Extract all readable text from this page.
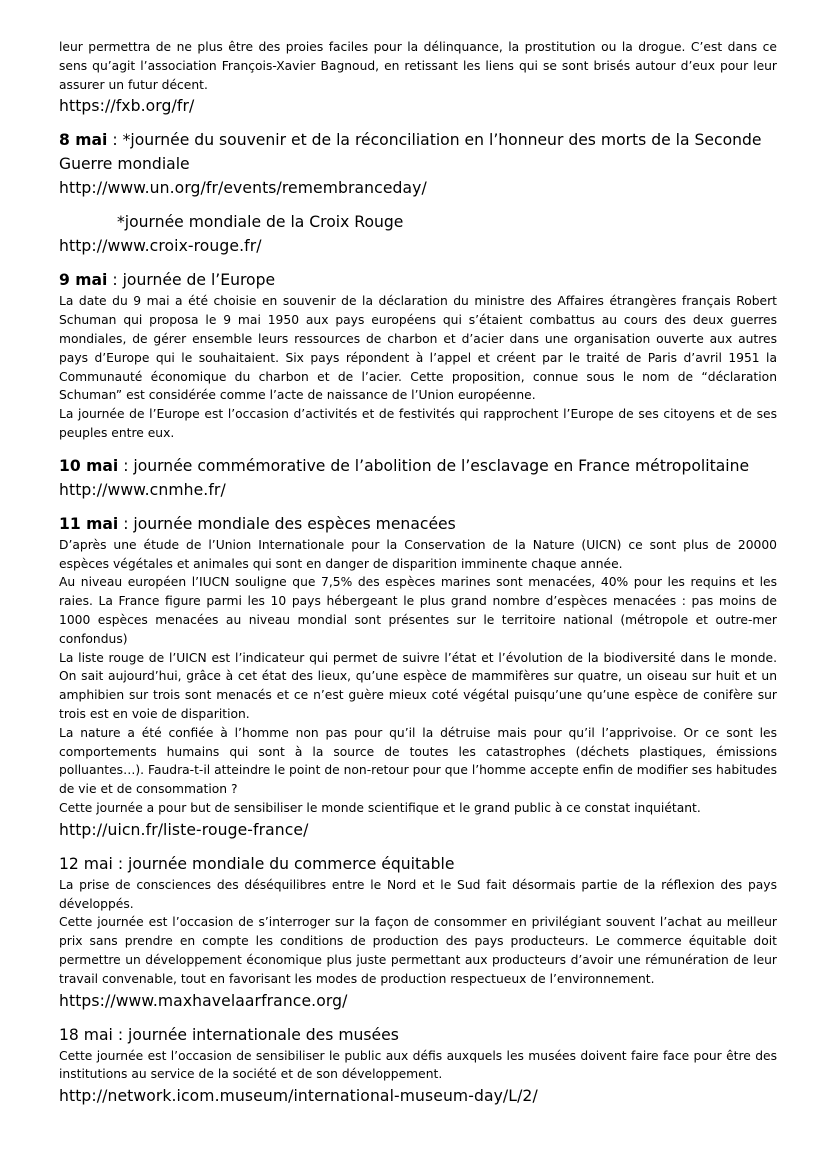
leur permettra de ne plus être des proies faciles pour la délinquance, la prostitution ou la drogue. C’est dans ce sens qu’agit l’association François-Xavier Bagnoud, en retissant les liens qui se sont brisés autour d’eux pour leur assurer un futur décent.

https://fxb.org/fr/
8 mai : *journée du souvenir et de la réconciliation en l’honneur des morts de la Seconde Guerre mondiale
http://www.un.org/fr/events/remembranceday/
*journée mondiale de la Croix Rouge
http://www.croix-rouge.fr/
9 mai : journée de l’Europe

La date du 9 mai a été choisie en souvenir de la déclaration du ministre des Affaires étrangères français Robert Schuman qui proposa le 9 mai 1950 aux pays européens qui s’étaient combattus au cours des deux guerres mondiales, de gérer ensemble leurs ressources de charbon et d’acier dans une organisation ouverte aux autres pays d’Europe qui le souhaitaient. Six pays répondent à l’appel et créent par le traité de Paris d’avril 1951 la Communauté économique du charbon et de l’acier. Cette proposition, connue sous le nom de “déclaration Schuman” est considérée comme l’acte de naissance de l’Union européenne.

La journée de l’Europe est l’occasion d’activités et de festivités qui rapprochent l’Europe de ses citoyens et de ses peuples entre eux.

10 mai : journée commémorative de l’abolition de l’esclavage en France métropolitaine
http://www.cnmhe.fr/
11 mai : journée mondiale des espèces menacées

D’après une étude de l’Union Internationale pour la Conservation de la Nature (UICN) ce sont plus de 20000 espèces végétales et animales qui sont en danger de disparition imminente chaque année.

Au niveau européen l’IUCN souligne que 7,5% des espèces marines sont menacées, 40% pour les requins et les raies. La France figure parmi les 10 pays hébergeant le plus grand nombre d’espèces menacées : pas moins de 1000 espèces menacées au niveau mondial sont présentes sur le territoire national (métropole et outre-mer confondus)

La liste rouge de l’UICN est l’indicateur qui permet de suivre l’état et l’évolution de la biodiversité dans le monde. On sait aujourd’hui, grâce à cet état des lieux, qu’une espèce de mammifères sur quatre, un oiseau sur huit et un amphibien sur trois sont menacés et ce n’est guère mieux coté végétal puisqu’une qu’une espèce de conifère sur trois est en voie de disparition.

La nature a été confiée à l’homme non pas pour qu’il la détruise mais pour qu’il l’apprivoise. Or ce sont les comportements humains qui sont à la source de toutes les catastrophes (déchets plastiques, émissions polluantes…). Faudra-t-il atteindre le point de non-retour pour que l’homme accepte enfin de modifier ses habitudes de vie et de consommation ?

Cette journée a pour but de sensibiliser le monde scientifique et le grand public à ce constat inquiétant.

http://uicn.fr/liste-rouge-france/
12 mai : journée mondiale du commerce équitable

La prise de consciences des déséquilibres entre le Nord et le Sud fait désormais partie de la réflexion des pays développés.

Cette journée est l’occasion de s’interroger sur la façon de consommer en privilégiant souvent l’achat au meilleur prix sans prendre en compte les conditions de production des pays producteurs. Le commerce équitable doit permettre un développement économique plus juste permettant aux producteurs d’avoir une rémunération de leur travail convenable, tout en favorisant les modes de production respectueux de l’environnement.

https://www.maxhavelaarfrance.org/
18 mai : journée internationale des musées

Cette journée est l’occasion de sensibiliser le public aux défis auxquels les musées doivent faire face pour être des institutions au service de la société et de son développement.

http://network.icom.museum/international-museum-day/L/2/
